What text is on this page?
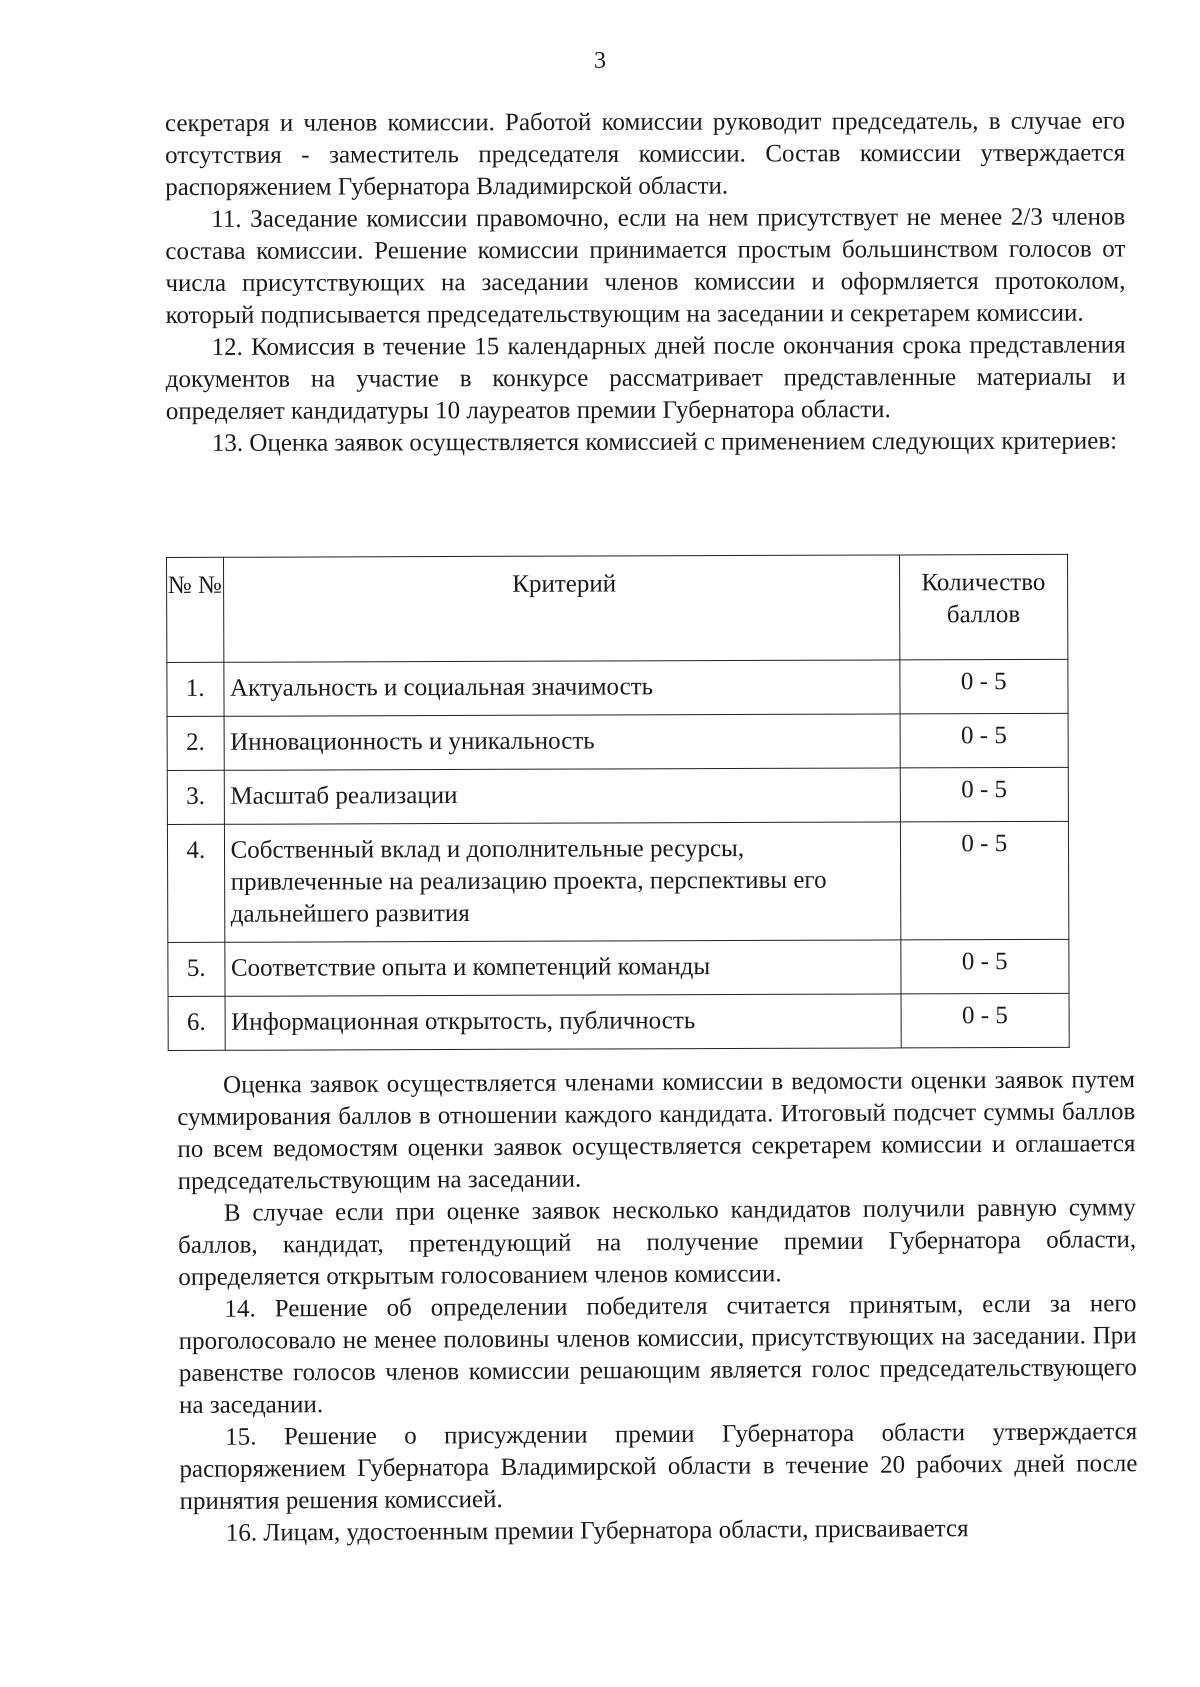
3

секретаря и членов комиссии. Работой комиссии руководит председатель, в случае его отсутствия - заместитель председателя комиссии. Состав комиссии утверждается распоряжением Губернатора Владимирской области.

11. Заседание комиссии правомочно, если на нем присутствует не менее 2/3 членов состава комиссии. Решение комиссии принимается простым большинством голосов от числа присутствующих на заседании членов комиссии и оформляется протоколом, который подписывается председательствующим на заседании и секретарем комиссии.

12. Комиссия в течение 15 календарных дней после окончания срока представления документов на участие в конкурсе рассматривает представленные материалы и определяет кандидатуры 10 лауреатов премии Губернатора области.

13. Оценка заявок осуществляется комиссией с применением следующих критериев:

№ №	Критерий	Количество баллов
1.	Актуальность и социальная значимость	0 - 5
2.	Инновационность и уникальность	0 - 5
3.	Масштаб реализации	0 - 5
4.	Собственный вклад и дополнительные ресурсы, привлеченные на реализацию проекта, перспективы его дальнейшего развития	0 - 5
5.	Соответствие опыта и компетенций команды	0 - 5
6.	Информационная открытость, публичность	0 - 5

Оценка заявок осуществляется членами комиссии в ведомости оценки заявок путем суммирования баллов в отношении каждого кандидата. Итоговый подсчет суммы баллов по всем ведомостям оценки заявок осуществляется секретарем комиссии и оглашается председательствующим на заседании.

В случае если при оценке заявок несколько кандидатов получили равную сумму баллов, кандидат, претендующий на получение премии Губернатора области, определяется открытым голосованием членов комиссии.

14. Решение об определении победителя считается принятым, если за него проголосовало не менее половины членов комиссии, присутствующих на заседании. При равенстве голосов членов комиссии решающим является голос председательствующего на заседании.

15. Решение о присуждении премии Губернатора области утверждается распоряжением Губернатора Владимирской области в течение 20 рабочих дней после принятия решения комиссией.

16. Лицам, удостоенным премии Губернатора области, присваивается
